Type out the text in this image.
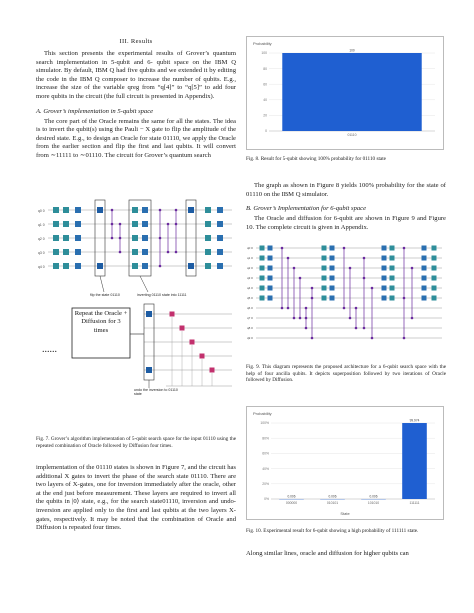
III. Results

This section presents the experimental results of Grover’s quantum search implementation in 5-qubit and 6- qubit space on the IBM Q simulator. By default, IBM Q had five qubits and we extended it by editing the code in the IBM Q composer to increase the number of qubits. E.g., increase the size of the variable qreg from “q[4]” to “q[5]” to add four more qubits in the circuit (the full circuit is presented in Appendix).

A. Grover’s implementation in 5-qubit space

The core part of the Oracle remains the same for all the states. The idea is to invert the qubit(s) using the Pauli − X gate to flip the amplitude of the desired state. E.g., to design an Oracle for state 01110, we apply the Oracle from the earlier section and flip the first and last qubits. It will convert from ∼11111 to ∼01110. The circuit for Grover’s quantum search

q0 0
q1 0
q2 0
q3 0
q4 0
flip the state 01110	inverting 01110 state into 11111
Repeat the Oracle + Diffusion for 3 times
......
undo the inversion to 01110 state

Fig. 7. Grover’s algorithm implementation of 5-qubit search space for the input 01110 using the repeated combination of Oracle followed by Diffusion four times.

implementation of the 01110 states is shown in Figure 7, and the circuit has additional X gates to invert the phase of the search state 01110. There are two layers of X-gates, one for inversion immediately after the oracle, other at the end just before measurement. These layers are required to invert all the qubits in |0⟩ state, e.g., for the search state01110, inversion and undo-inversion are applied only to the first and last qubits at the two layers X-gates, respectively. It may be noted that the combination of Oracle and Diffusion is repeated four times.

Probability
100
80
60
40
20
0
100
01110

Fig. 8. Result for 5-qubit showing 100% probability for 01110 state

The graph as shown in Figure 8 yields 100% probability for the state of 01110 on the IBM Q simulator.

B. Grover’s Implementation for 6-qubit space

The Oracle and diffusion for 6-qubit are shown in Figure 9 and Figure 10. The complete circuit is given in Appendix.

q0 0
q1 0
q2 0
q3 0
q4 0
q5 0
q6 0
q7 0
q8 0
q9 0

Fig. 9. This diagram represents the proposed architecture for a 6-qubit search space with the help of four ancilla qubits. It depicts superposition followed by two iterations of Oracle followed by Diffusion.

Probability
State
100%
80%
60%
40%
20%
0%
0.006
000000
0.006
010101
0.006
101010
99.974
111111

Fig. 10. Experimental result for 6-qubit showing a high probability of 111111 state.

Along similar lines, oracle and diffusion for higher qubits can
